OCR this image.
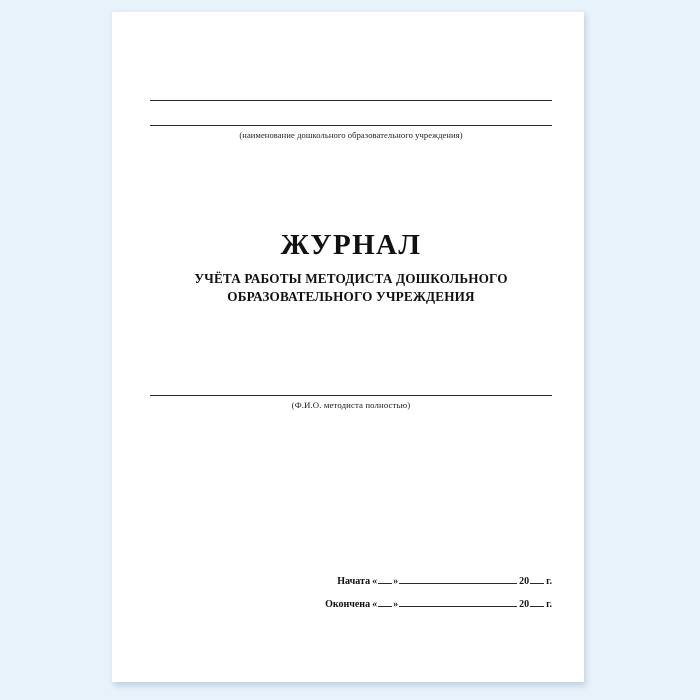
(наименование дошкольного образовательного учреждения)
ЖУРНАЛ
УЧЁТА РАБОТЫ МЕТОДИСТА ДОШКОЛЬНОГО
ОБРАЗОВАТЕЛЬНОГО УЧРЕЖДЕНИЯ
(Ф.И.О. методиста полностью)
Начата « »	20 г.
Окончена « »	20 г.
